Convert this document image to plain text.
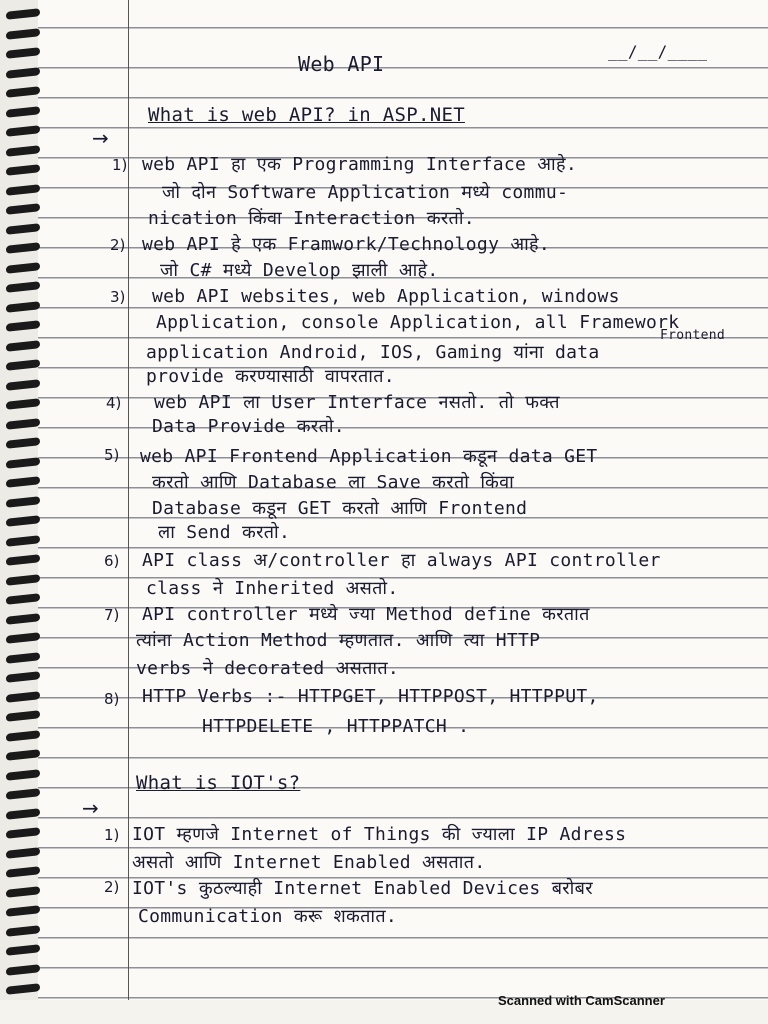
Web API
__/__/____
What is web API? in ASP.NET
→
1) web API हा एक Programming Interface आहे.
जो दोन Software Application मध्ये commu-
nication किंवा Interaction करतो.
2) web API हे एक Framwork/Technology आहे.
जो C# मध्ये Develop झाली आहे.
3) web API websites, web Application, windows
Application, console Application, all Framework
Frontend
application Android, IOS, Gaming यांना data
provide करण्यासाठी वापरतात.
4) web API ला User Interface नसतो. तो फक्त
Data Provide करतो.
5) web API Frontend Application कडून data GET
करतो आणि Database ला Save करतो किंवा
Database कडून GET करतो आणि Frontend
ला Send करतो.
6) API class अ/controller हा always API controller
class ने Inherited असतो.
7) API controller मध्ये ज्या Method define करतात
त्यांना Action Method म्हणतात. आणि त्या HTTP
verbs ने decorated असतात.
8) HTTP Verbs :- HTTPGET, HTTPPOST, HTTPPUT,
HTTPDELETE , HTTPPATCH .
What is IOT's?
→
1) IOT म्हणजे Internet of Things की ज्याला IP Adress
असतो आणि Internet Enabled असतात.
2) IOT's कुठल्याही Internet Enabled Devices बरोबर
Communication करू शकतात.
Scanned with CamScanner
